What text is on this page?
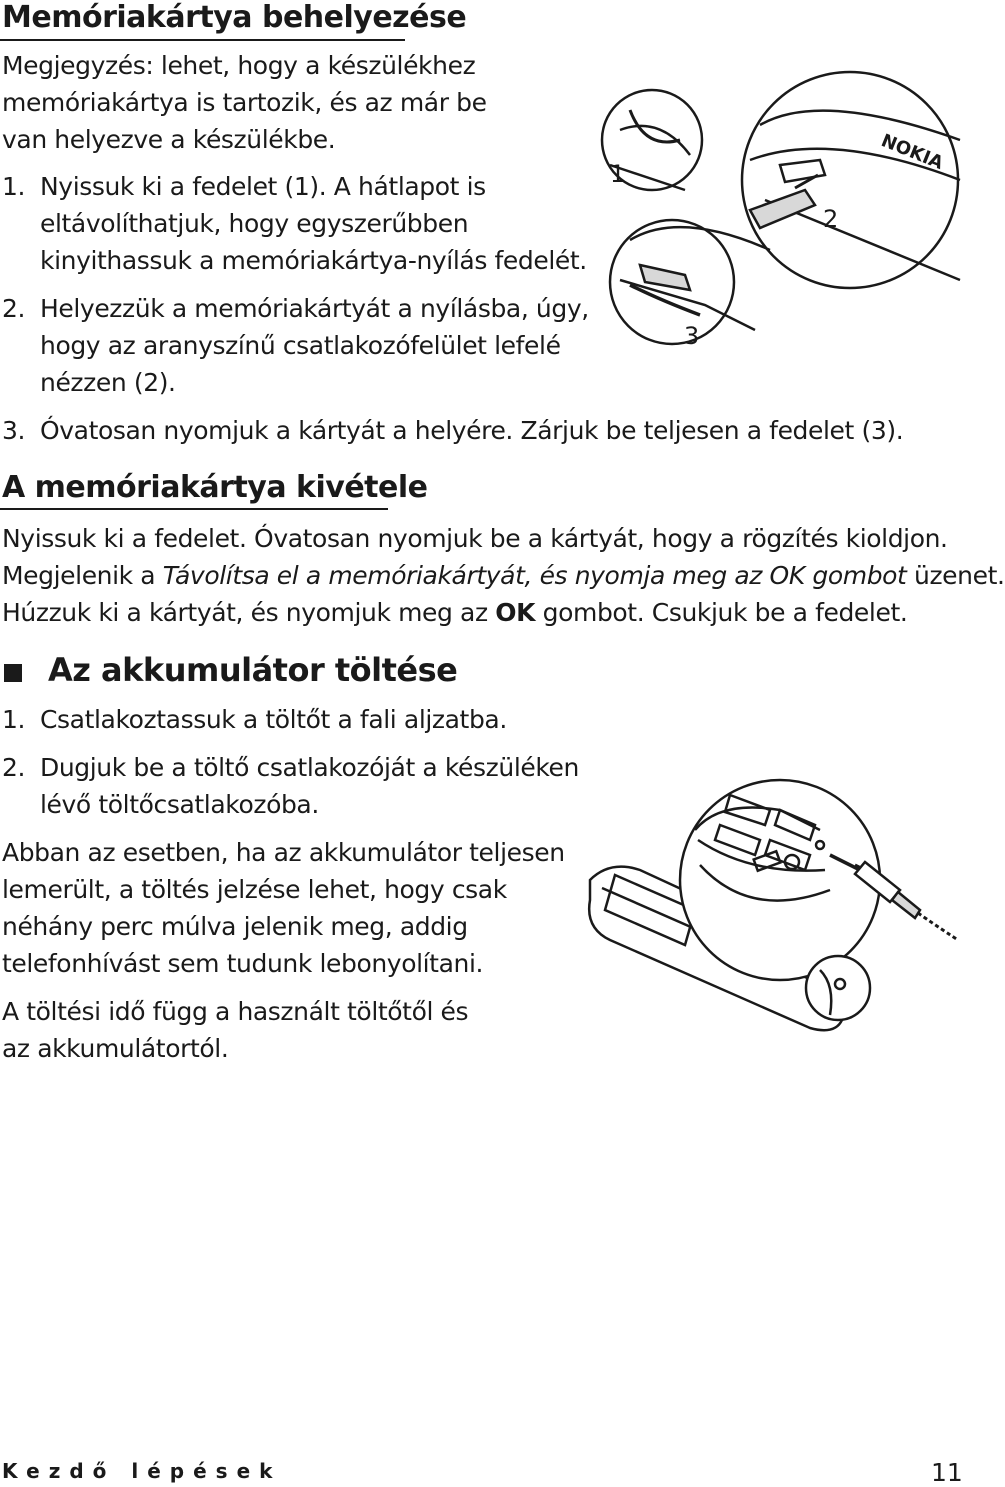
Memóriakártya behelyezése
Megjegyzés: lehet, hogy a készülékhez
memóriakártya is tartozik, és az már be
van helyezve a készülékbe.
1. Nyissuk ki a fedelet (1). A hátlapot is
eltávolíthatjuk, hogy egyszerűbben
kinyithassuk a memóriakártya-nyílás fedelét.
2. Helyezzük a memóriakártyát a nyílásba, úgy,
hogy az aranyszínű csatlakozófelület lefelé
nézzen (2).
3. Óvatosan nyomjuk a kártyát a helyére. Zárjuk be teljesen a fedelet (3).
1
2
3
NOKIA
A memóriakártya kivétele
Nyissuk ki a fedelet. Óvatosan nyomjuk be a kártyát, hogy a rögzítés kioldjon.
Megjelenik a Távolítsa el a memóriakártyát, és nyomja meg az OK gombot üzenet.
Húzzuk ki a kártyát, és nyomjuk meg az OK gombot. Csukjuk be a fedelet.
Az akkumulátor töltése
1. Csatlakoztassuk a töltőt a fali aljzatba.
2. Dugjuk be a töltő csatlakozóját a készüléken
lévő töltőcsatlakozóba.
Abban az esetben, ha az akkumulátor teljesen
lemerült, a töltés jelzése lehet, hogy csak
néhány perc múlva jelenik meg, addig
telefonhívást sem tudunk lebonyolítani.
A töltési idő függ a használt töltőtől és
az akkumulátortól.
Kezdő lépések	11
